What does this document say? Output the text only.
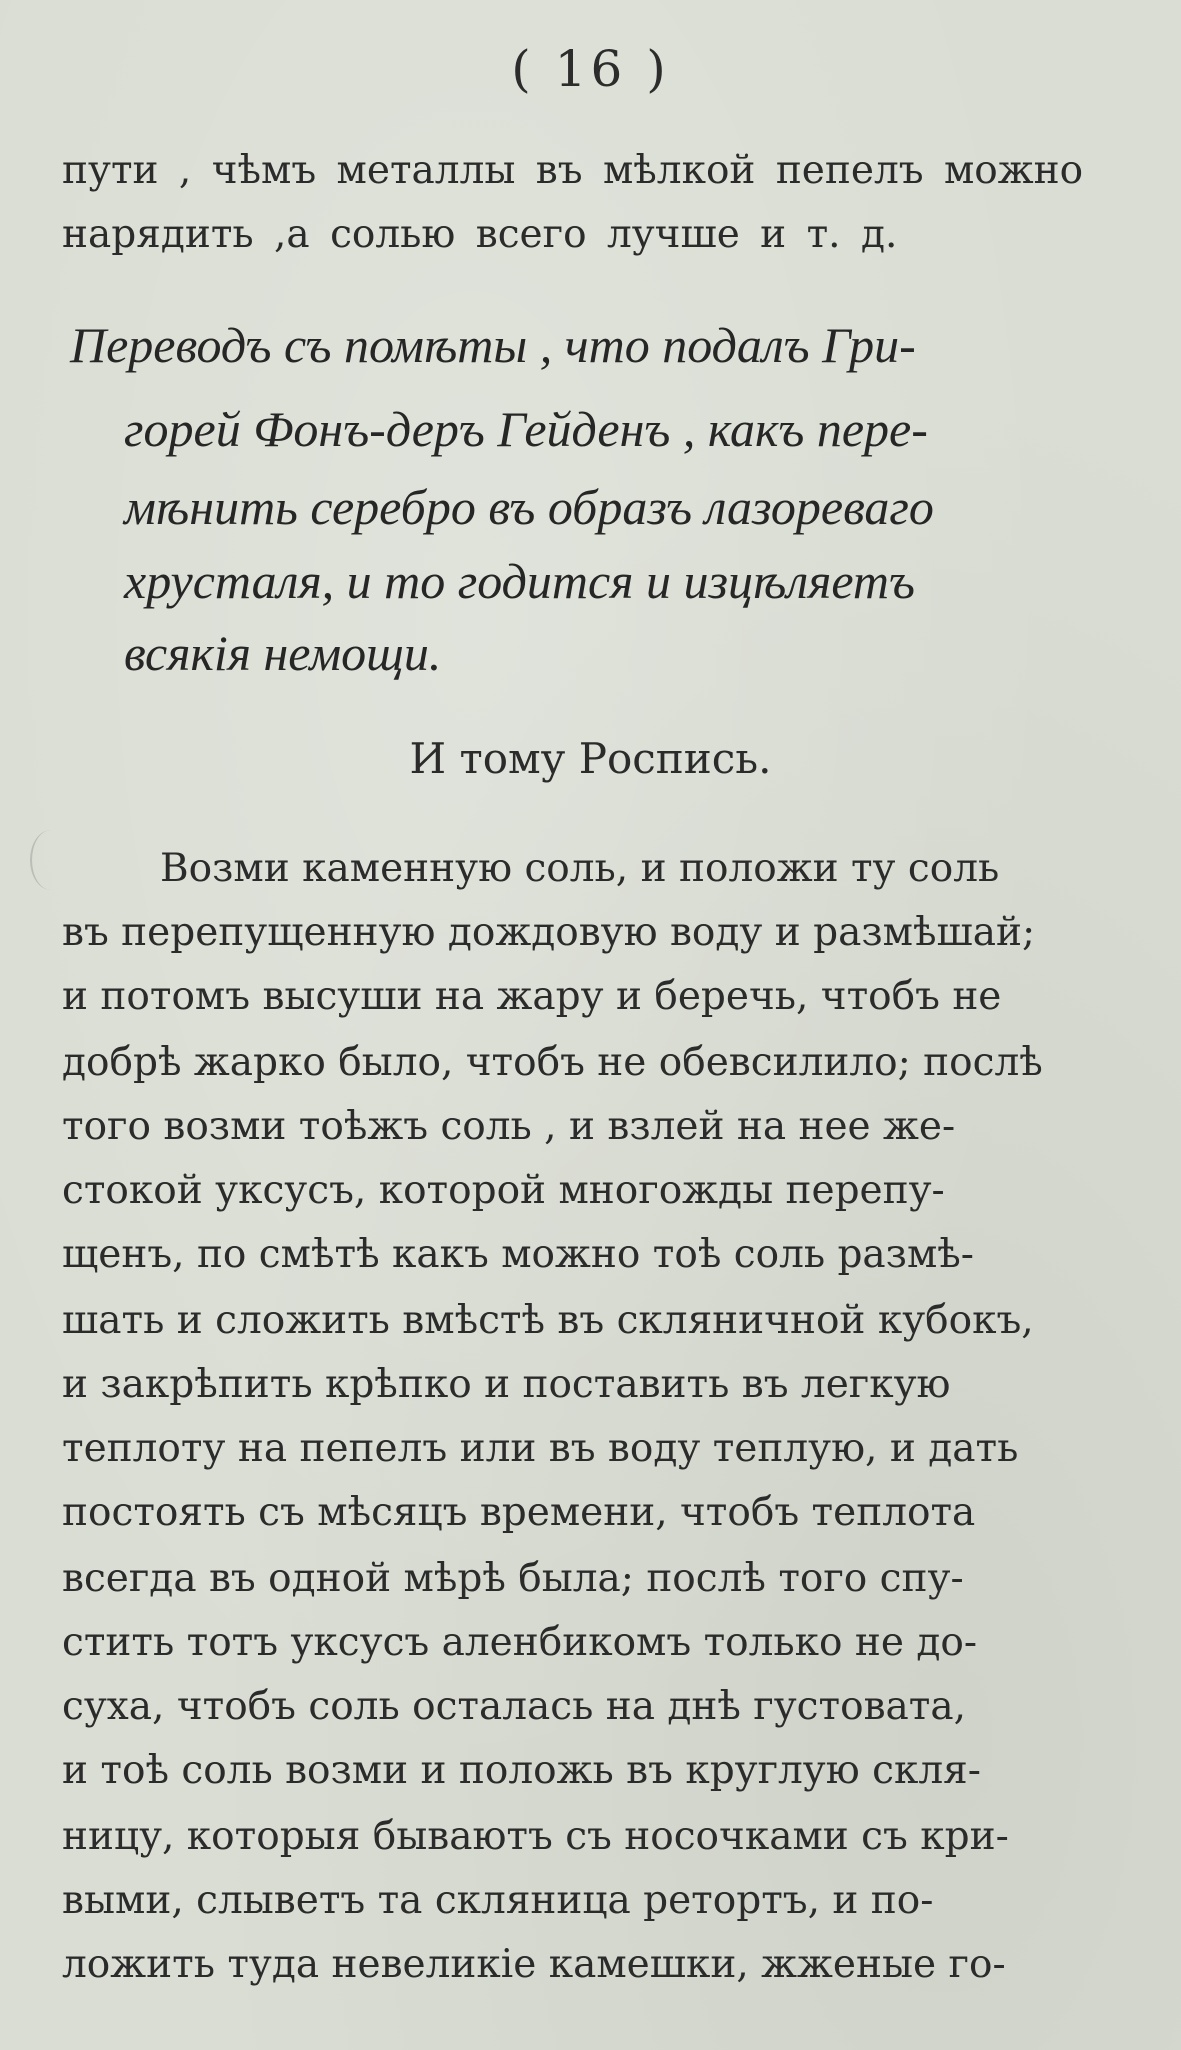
( 16 )
пути , чѣмъ металлы въ мѣлкой пепелъ можно
нарядить ,а солью всего лучше и т. д.
Переводъ съ помѣты , что подалъ Гри-
горей Фонъ-деръ Гейденъ , какъ пере-
мѣнить серебро въ образъ лазореваго
хрусталя, и то годится и изцѣляетъ
всякія немощи.
И тому Роспись.
Возми каменную соль, и положи ту соль
въ перепущенную дождовую воду и размѣшай;
и потомъ высуши на жару и беречь, чтобъ не
добрѣ жарко было, чтобъ не обевсилило; послѣ
того возми тоѣжъ соль , и взлей на нее же-
стокой уксусъ, которой многожды перепу-
щенъ, по смѣтѣ какъ можно тоѣ соль размѣ-
шать и сложить вмѣстѣ въ скляничной кубокъ,
и закрѣпить крѣпко и поставить въ легкую
теплоту на пепелъ или въ воду теплую, и дать
постоять съ мѣсяцъ времени, чтобъ теплота
всегда въ одной мѣрѣ была; послѣ того спу-
стить тотъ уксусъ аленбикомъ только не до-
суха, чтобъ соль осталась на днѣ густовата,
и тоѣ соль возми и положь въ круглую скля-
ницу, которыя бываютъ съ носочками съ кри-
выми, слыветъ та скляница ретортъ, и по-
ложить туда невеликіе камешки, жженые го-
